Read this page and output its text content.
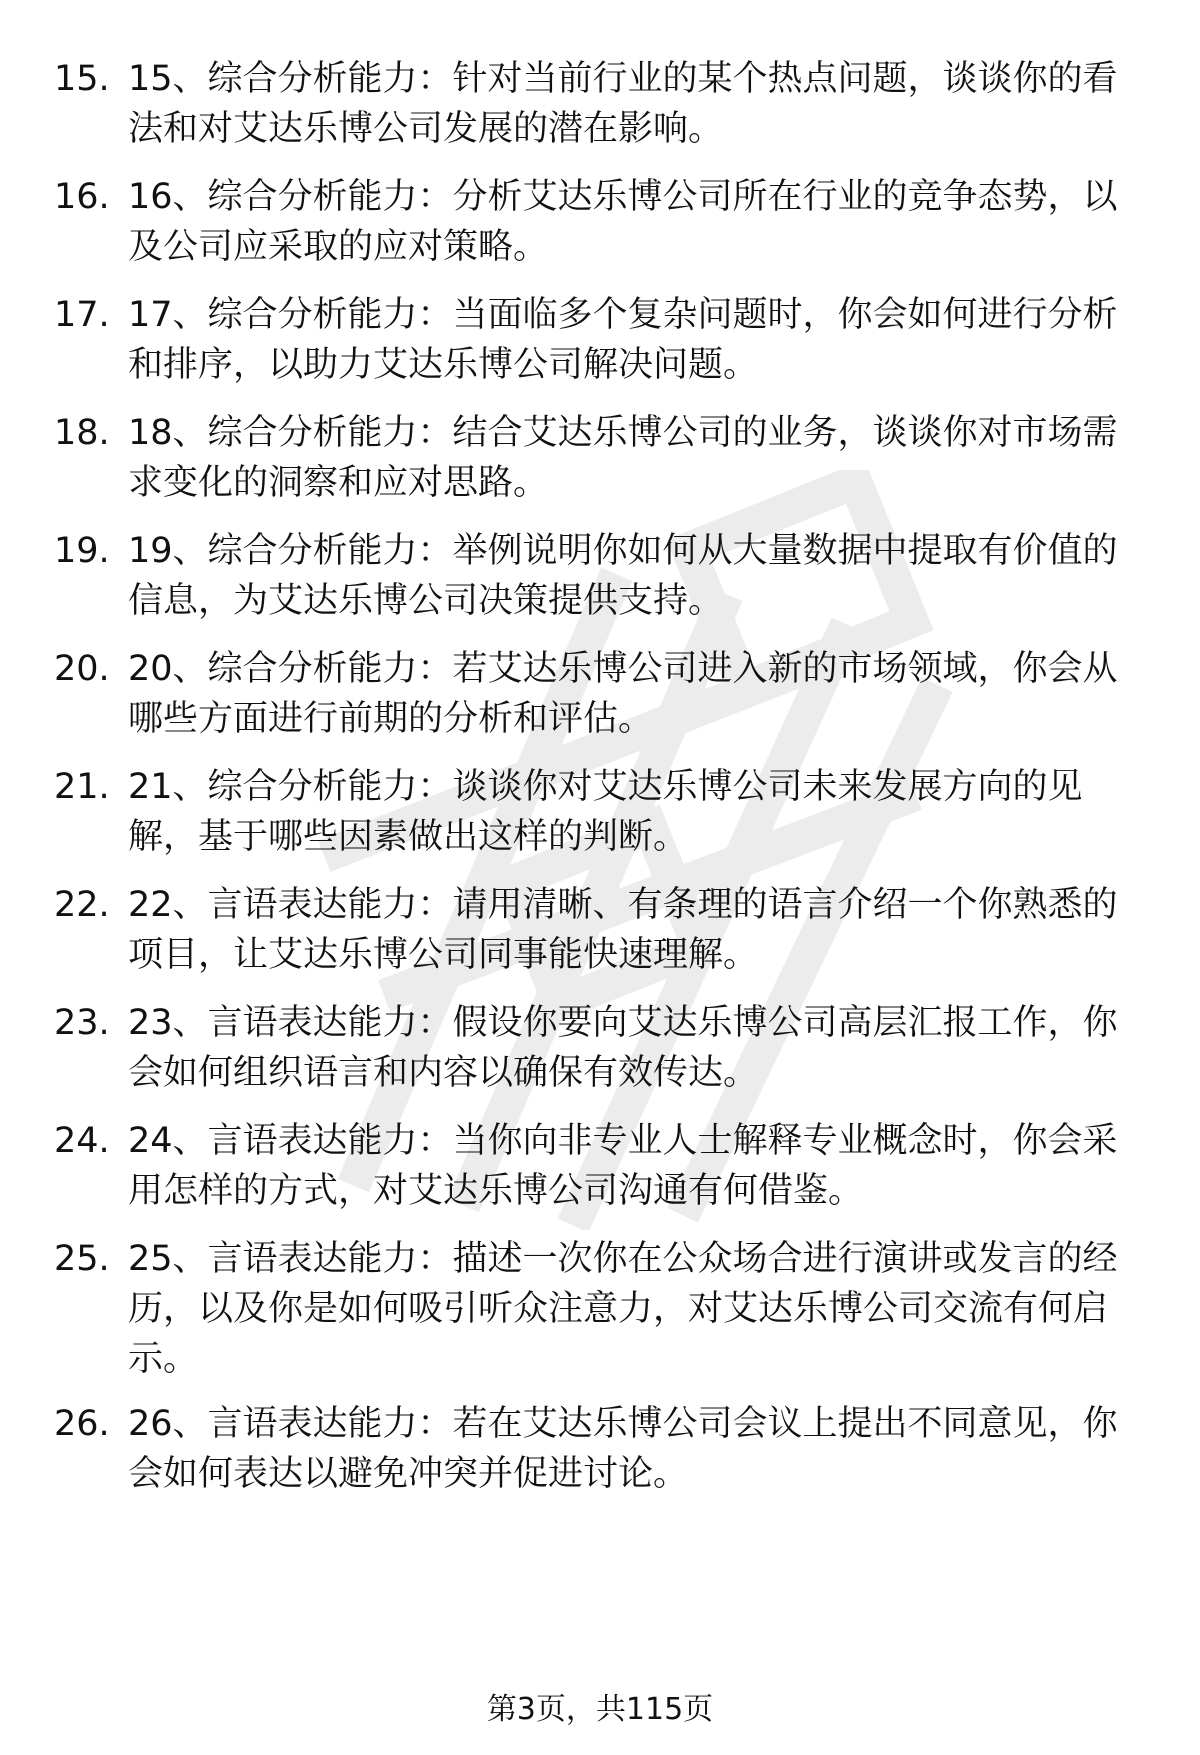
15. 15、综合分析能力：针对当前行业的某个热点问题，谈谈你的看法和对艾达乐博公司发展的潜在影响。
16. 16、综合分析能力：分析艾达乐博公司所在行业的竞争态势，以及公司应采取的应对策略。
17. 17、综合分析能力：当面临多个复杂问题时，你会如何进行分析和排序，以助力艾达乐博公司解决问题。
18. 18、综合分析能力：结合艾达乐博公司的业务，谈谈你对市场需求变化的洞察和应对思路。
19. 19、综合分析能力：举例说明你如何从大量数据中提取有价值的信息，为艾达乐博公司决策提供支持。
20. 20、综合分析能力：若艾达乐博公司进入新的市场领域，你会从哪些方面进行前期的分析和评估。
21. 21、综合分析能力：谈谈你对艾达乐博公司未来发展方向的见解，基于哪些因素做出这样的判断。
22. 22、言语表达能力：请用清晰、有条理的语言介绍一个你熟悉的项目，让艾达乐博公司同事能快速理解。
23. 23、言语表达能力：假设你要向艾达乐博公司高层汇报工作，你会如何组织语言和内容以确保有效传达。
24. 24、言语表达能力：当你向非专业人士解释专业概念时，你会采用怎样的方式，对艾达乐博公司沟通有何借鉴。
25. 25、言语表达能力：描述一次你在公众场合进行演讲或发言的经历，以及你是如何吸引听众注意力，对艾达乐博公司交流有何启示。
26. 26、言语表达能力：若在艾达乐博公司会议上提出不同意见，你会如何表达以避免冲突并促进讨论。
第3页，共115页
